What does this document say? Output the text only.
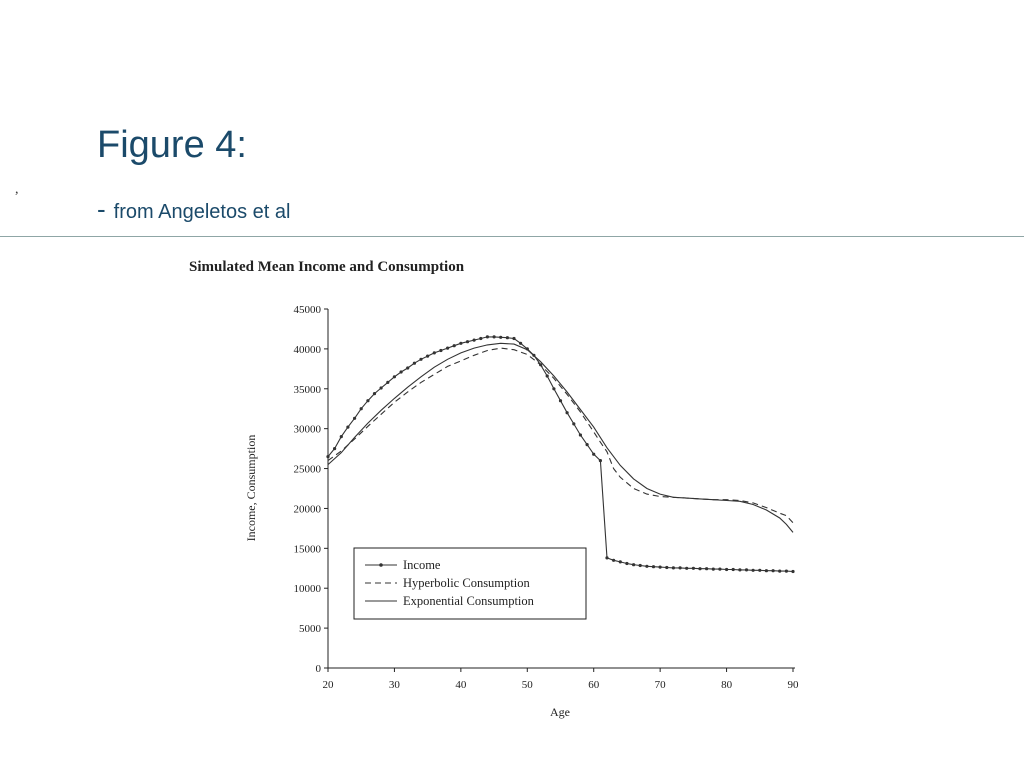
,
Figure 4:
- from Angeletos et al
Simulated Mean Income and Consumption
0
5000
10000
15000
20000
25000
30000
35000
40000
45000
20	30	40	50	60	70	80	90
Age
Income, Consumption
Income
Hyperbolic Consumption
Exponential Consumption
